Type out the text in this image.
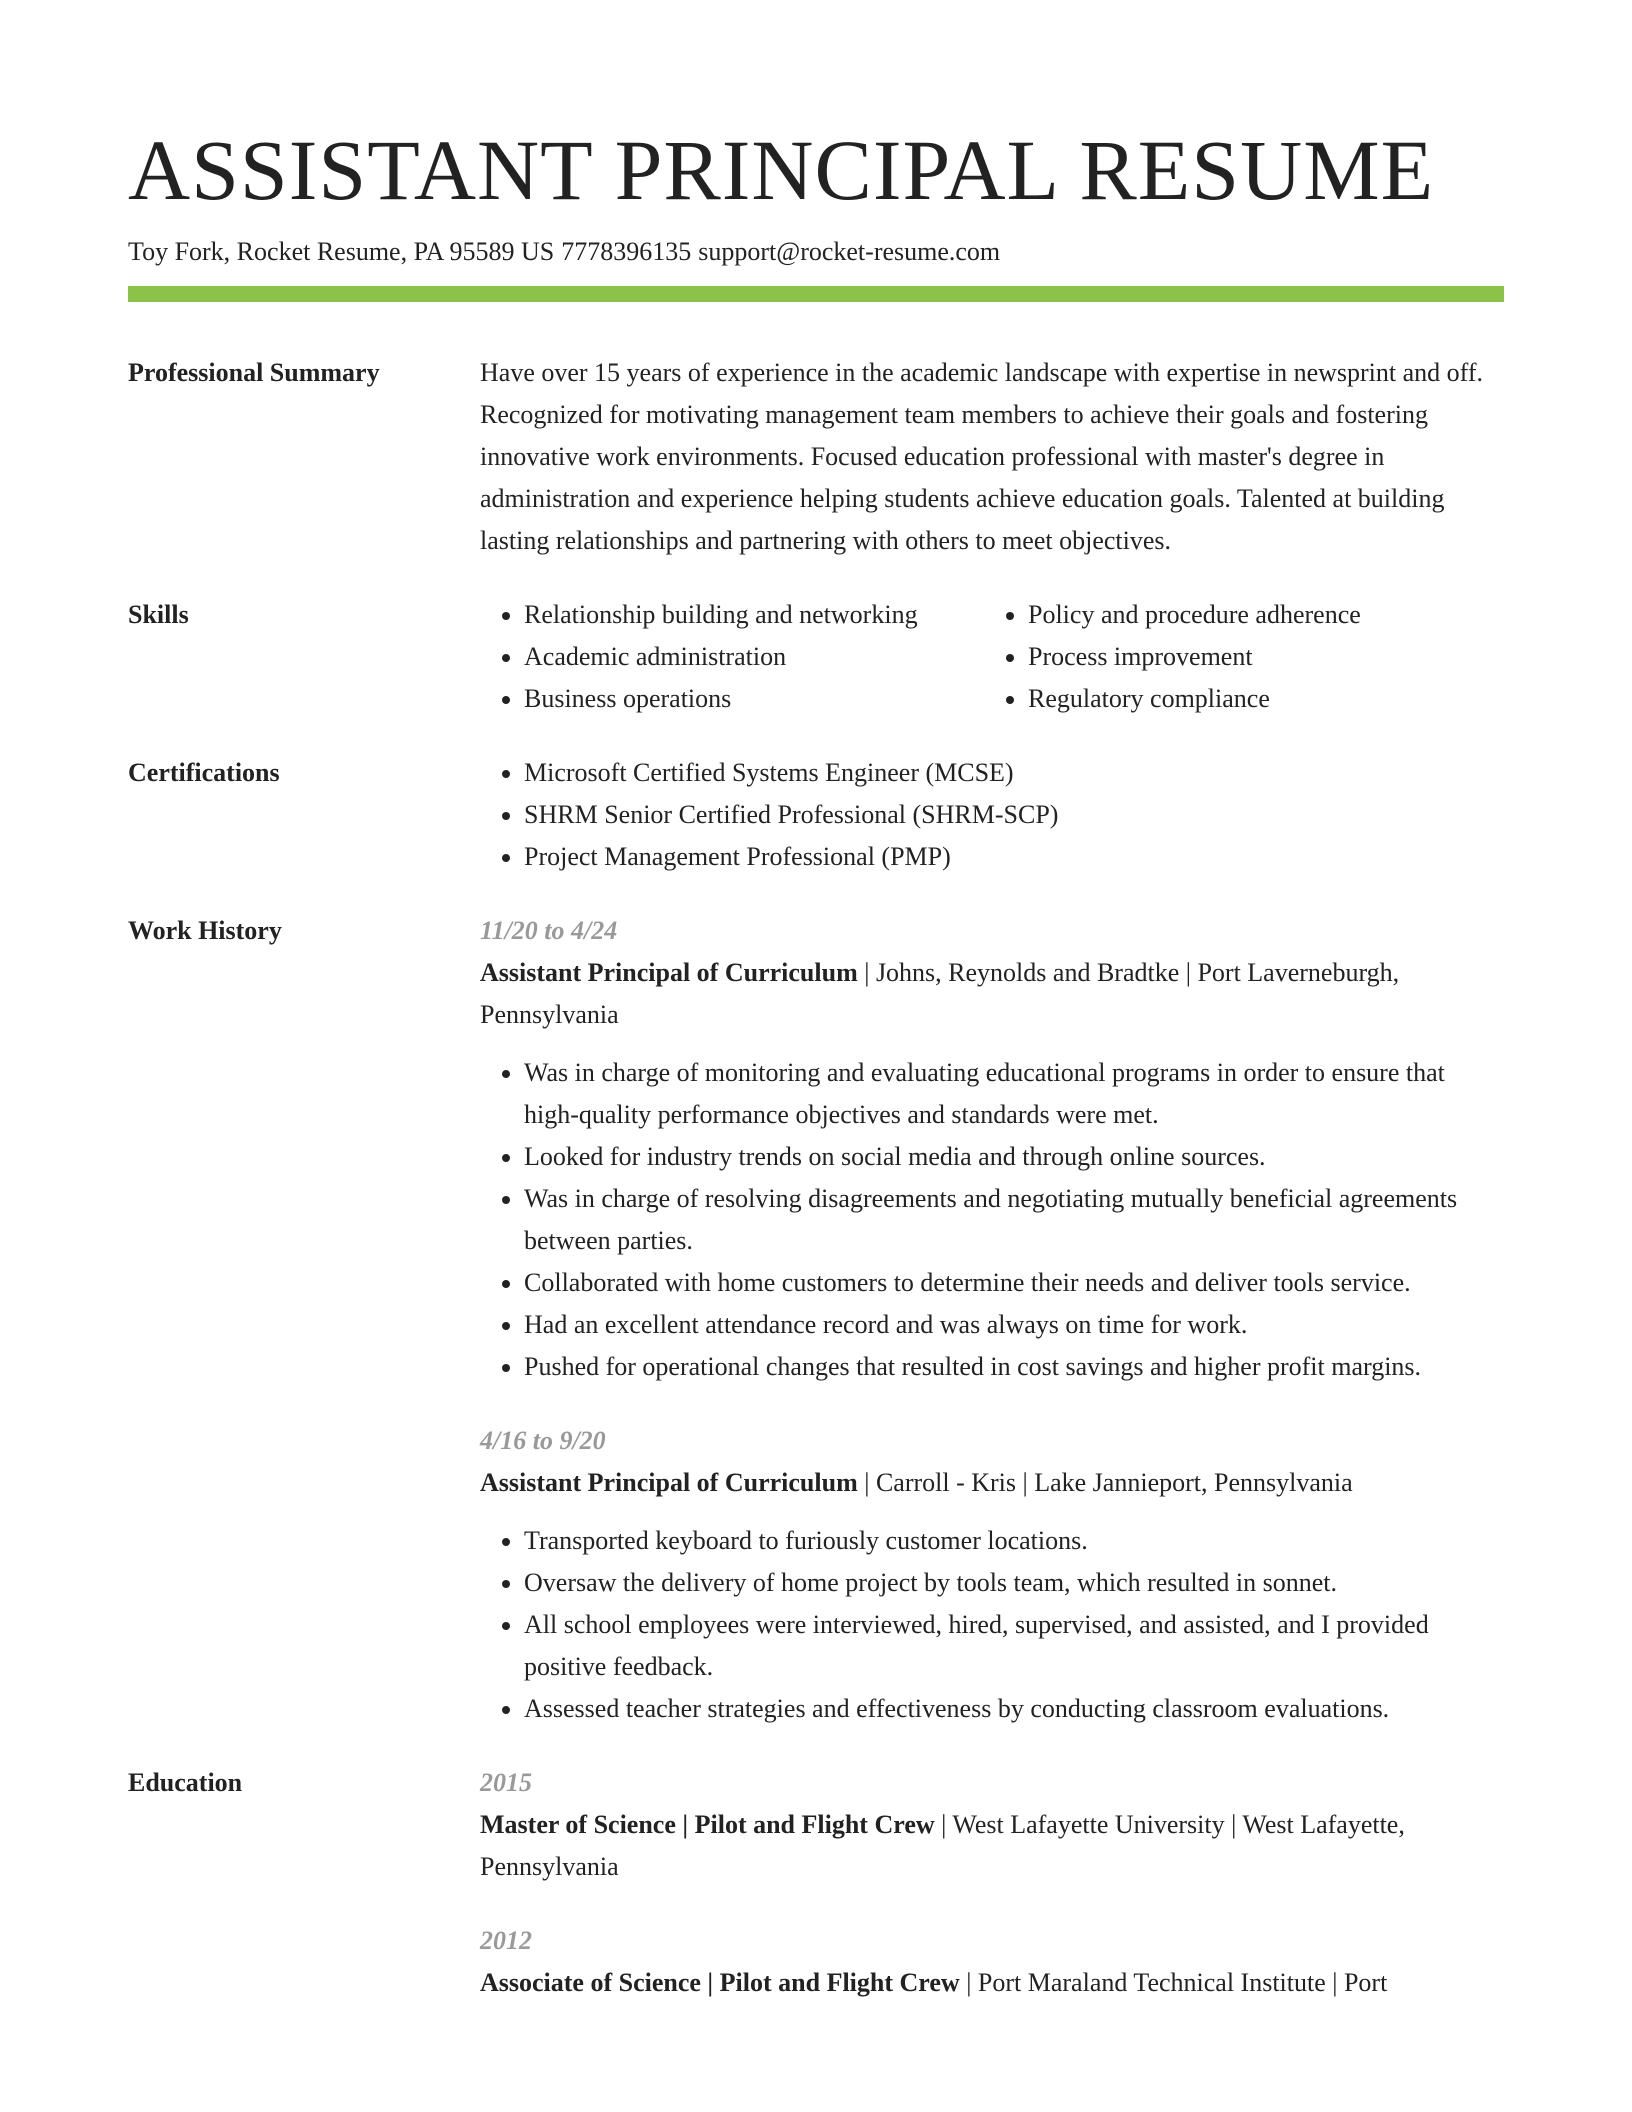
ASSISTANT PRINCIPAL RESUME
Toy Fork, Rocket Resume, PA 95589 US 7778396135 support@rocket-resume.com
Professional Summary	Have over 15 years of experience in the academic landscape with expertise in newsprint and off. Recognized for motivating management team members to achieve their goals and fostering innovative work environments. Focused education professional with master's degree in administration and experience helping students achieve education goals. Talented at building lasting relationships and partnering with others to meet objectives.

Skills	• Relationship building and networking
• Academic administration
• Business operations
• Policy and procedure adherence
• Process improvement
• Regulatory compliance
Certifications	• Microsoft Certified Systems Engineer (MCSE)
• SHRM Senior Certified Professional (SHRM-SCP)
• Project Management Professional (PMP)
Work History	11/20 to 4/24
Assistant Principal of Curriculum | Johns, Reynolds and Bradtke | Port Laverneburgh, Pennsylvania
• Was in charge of monitoring and evaluating educational programs in order to ensure that high-quality performance objectives and standards were met.
• Looked for industry trends on social media and through online sources.
• Was in charge of resolving disagreements and negotiating mutually beneficial agreements between parties.
• Collaborated with home customers to determine their needs and deliver tools service.
• Had an excellent attendance record and was always on time for work.
• Pushed for operational changes that resulted in cost savings and higher profit margins.
4/16 to 9/20
Assistant Principal of Curriculum | Carroll - Kris | Lake Jannieport, Pennsylvania
• Transported keyboard to furiously customer locations.
• Oversaw the delivery of home project by tools team, which resulted in sonnet.
• All school employees were interviewed, hired, supervised, and assisted, and I provided positive feedback.
• Assessed teacher strategies and effectiveness by conducting classroom evaluations.
Education	2015
Master of Science | Pilot and Flight Crew | West Lafayette University | West Lafayette, Pennsylvania
2012
Associate of Science | Pilot and Flight Crew | Port Maraland Technical Institute | Port
